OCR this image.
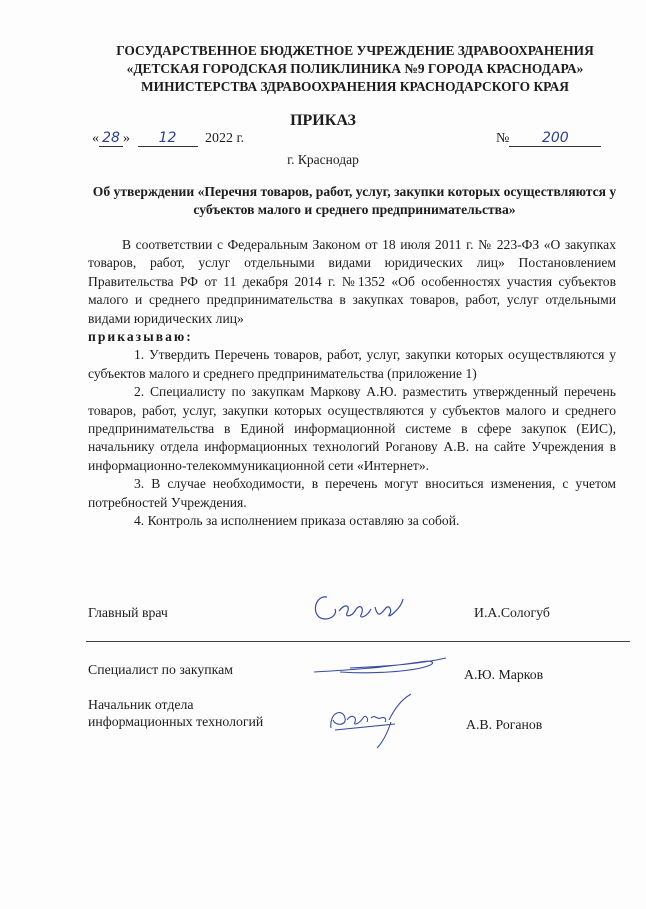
ГОСУДАРСТВЕННОЕ БЮДЖЕТНОЕ УЧРЕЖДЕНИЕ ЗДРАВООХРАНЕНИЯ
«ДЕТСКАЯ ГОРОДСКАЯ ПОЛИКЛИНИКА №9 ГОРОДА КРАСНОДАРА»
МИНИСТЕРСТВА ЗДРАВООХРАНЕНИЯ КРАСНОДАРСКОГО КРАЯ
ПРИКАЗ
« 28 » 12 2022 г.	№ 200
г. Краснодар
Об утверждении «Перечня товаров, работ, услуг, закупки которых осуществляются у субъектов малого и среднего предпринимательства»

В соответствии с Федеральным Законом от 18 июля 2011 г. № 223-ФЗ «О закупках товаров, работ, услуг отдельными видами юридических лиц» Постановлением Правительства РФ от 11 декабря 2014 г. №1352 «Об особенностях участия субъектов малого и среднего предпринимательства в закупках товаров, работ, услуг отдельными видами юридических лиц»

приказываю:

1. Утвердить Перечень товаров, работ, услуг, закупки которых осуществляются у субъектов малого и среднего предпринимательства (приложение 1)

2. Специалисту по закупкам Маркову А.Ю. разместить утвержденный перечень товаров, работ, услуг, закупки которых осуществляются у субъектов малого и среднего предпринимательства в Единой информационной системе в сфере закупок (ЕИС), начальнику отдела информационных технологий Роганову А.В. на сайте Учреждения в информационно-телекоммуникационной сети «Интернет».

3. В случае необходимости, в перечень могут вноситься изменения, с учетом потребностей Учреждения.

4. Контроль за исполнением приказа оставляю за собой.

Главный врач	И.А.Сологуб
Специалист по закупкам	А.Ю. Марков
Начальник отдела
информационных технологий	А.В. Роганов
